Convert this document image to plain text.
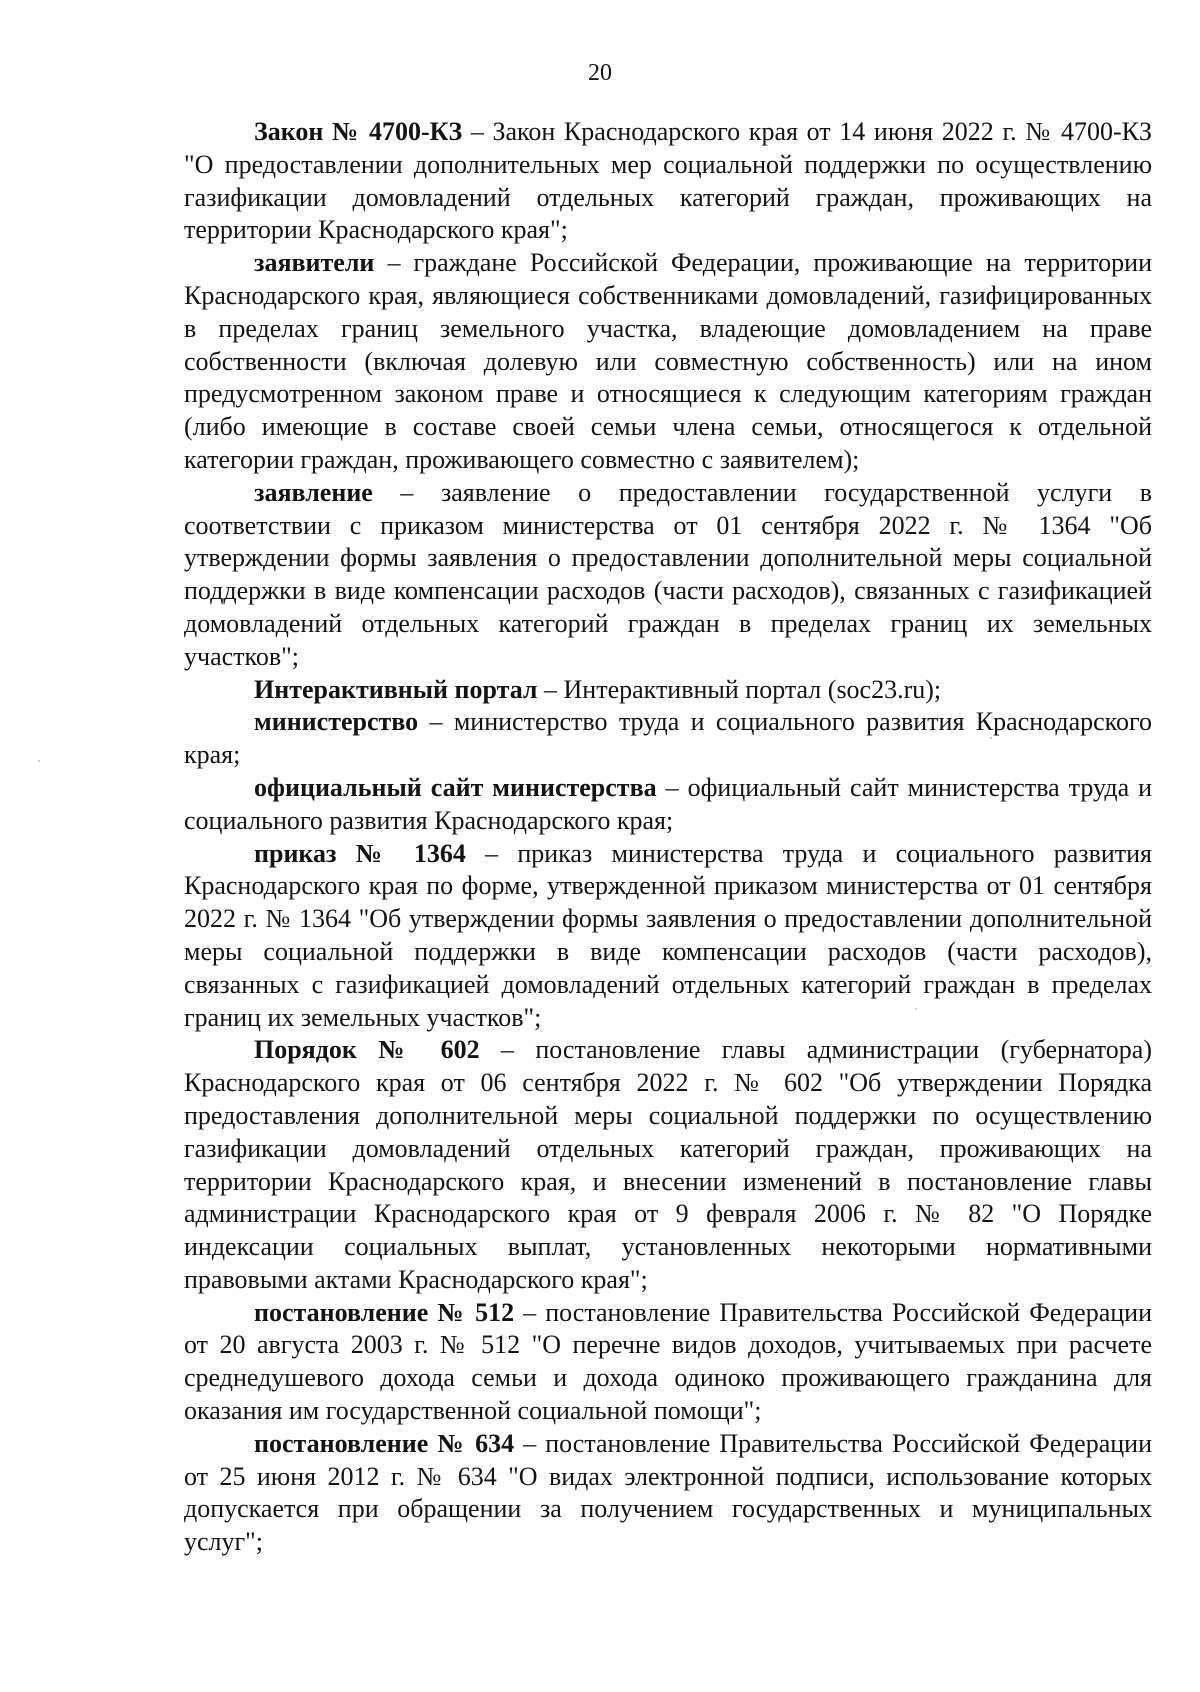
20

Закон № 4700-КЗ – Закон Краснодарского края от 14 июня 2022 г. № 4700-КЗ "О предоставлении дополнительных мер социальной поддержки по осуществлению газификации домовладений отдельных категорий граждан, проживающих на территории Краснодарского края";

заявители – граждане Российской Федерации, проживающие на территории Краснодарского края, являющиеся собственниками домовладений, газифицированных в пределах границ земельного участка, владеющие домовладением на праве собственности (включая долевую или совместную собственность) или на ином предусмотренном законом праве и относящиеся к следующим категориям граждан (либо имеющие в составе своей семьи члена семьи, относящегося к отдельной категории граждан, проживающего совместно с заявителем);

заявление – заявление о предоставлении государственной услуги в соответствии с приказом министерства от 01 сентября 2022 г. № 1364 "Об утверждении формы заявления о предоставлении дополнительной меры социальной поддержки в виде компенсации расходов (части расходов), связанных с газификацией домовладений отдельных категорий граждан в пределах границ их земельных участков";

Интерактивный портал – Интерактивный портал (soc23.ru);

министерство – министерство труда и социального развития Краснодарского края;

официальный сайт министерства – официальный сайт министерства труда и социального развития Краснодарского края;

приказ № 1364 – приказ министерства труда и социального развития Краснодарского края по форме, утвержденной приказом министерства от 01 сентября 2022 г. № 1364 "Об утверждении формы заявления о предоставлении дополнительной меры социальной поддержки в виде компенсации расходов (части расходов), связанных с газификацией домовладений отдельных категорий граждан в пределах границ их земельных участков";

Порядок № 602 – постановление главы администрации (губернатора) Краснодарского края от 06 сентября 2022 г. № 602 "Об утверждении Порядка предоставления дополнительной меры социальной поддержки по осуществлению газификации домовладений отдельных категорий граждан, проживающих на территории Краснодарского края, и внесении изменений в постановление главы администрации Краснодарского края от 9 февраля 2006 г. № 82 "О Порядке индексации социальных выплат, установленных некоторыми нормативными правовыми актами Краснодарского края";

постановление № 512 – постановление Правительства Российской Федерации от 20 августа 2003 г. № 512 "О перечне видов доходов, учитываемых при расчете среднедушевого дохода семьи и дохода одиноко проживающего гражданина для оказания им государственной социальной помощи";

постановление № 634 – постановление Правительства Российской Федерации от 25 июня 2012 г. № 634 "О видах электронной подписи, использование которых допускается при обращении за получением государственных и муниципальных услуг";
